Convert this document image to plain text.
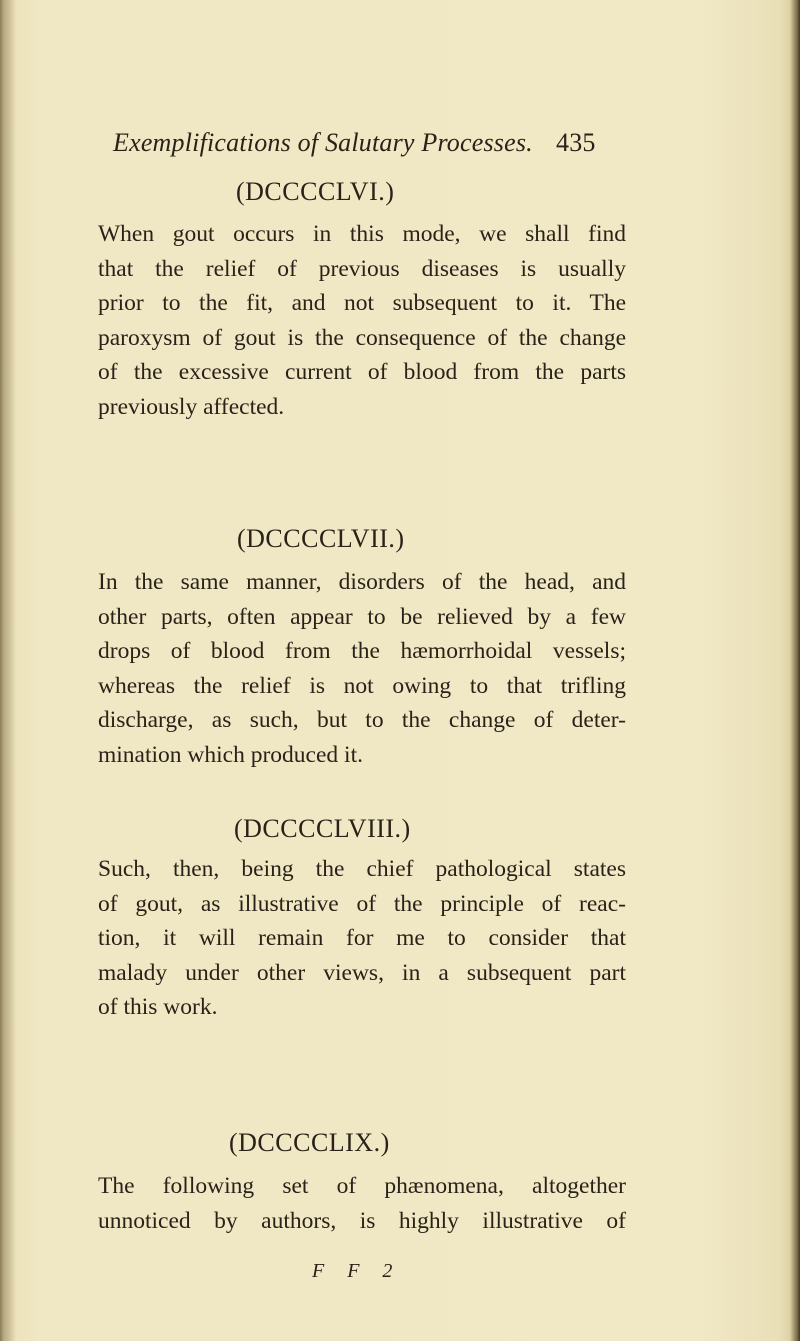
Exemplifications of Salutary Processes. 435
(DCCCCLVI.)
When gout occurs in this mode, we shall find
that the relief of previous diseases is usually
prior to the fit, and not subsequent to it. The
paroxysm of gout is the consequence of the change
of the excessive current of blood from the parts
previously affected.
(DCCCCLVII.)
In the same manner, disorders of the head, and
other parts, often appear to be relieved by a few
drops of blood from the hæmorrhoidal vessels;
whereas the relief is not owing to that trifling
discharge, as such, but to the change of deter-
mination which produced it.
(DCCCCLVIII.)
Such, then, being the chief pathological states
of gout, as illustrative of the principle of reac-
tion, it will remain for me to consider that
malady under other views, in a subsequent part
of this work.
(DCCCCLIX.)
The following set of phænomena, altogether
unnoticed by authors, is highly illustrative of
F F 2
